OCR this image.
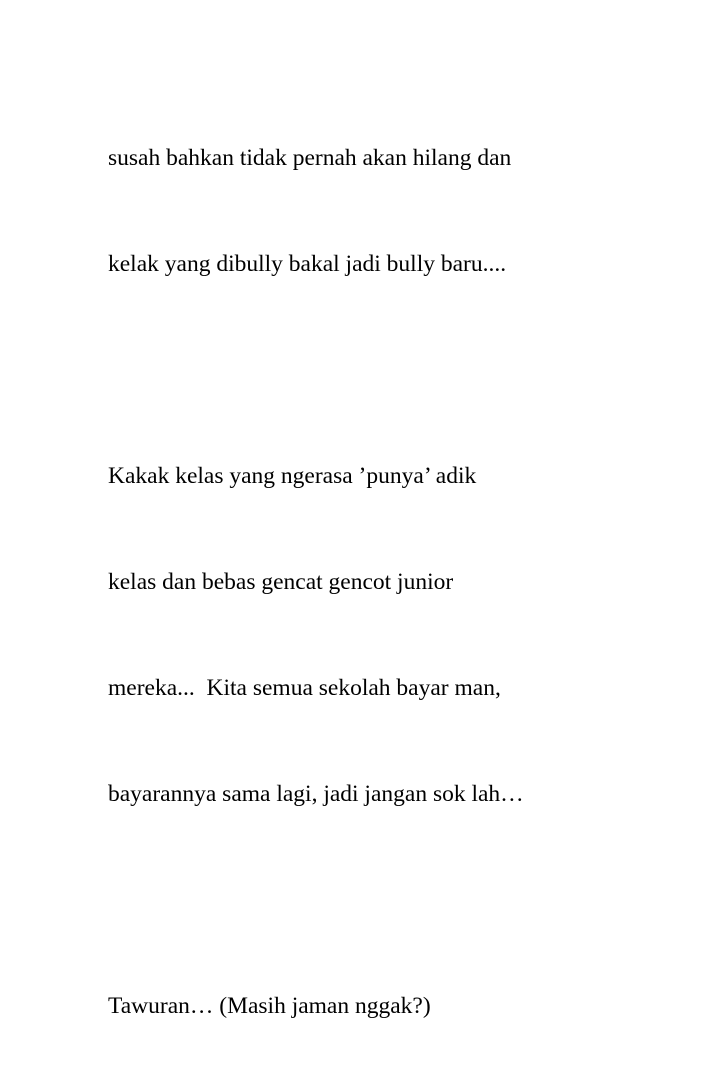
susah bahkan tidak pernah akan hilang dan

kelak yang dibully bakal jadi bully baru....

Kakak kelas yang ngerasa ’punya’ adik

kelas dan bebas gencat gencot junior

mereka...  Kita semua sekolah bayar man,

bayarannya sama lagi, jadi jangan sok lah…

Tawuran… (Masih jaman nggak?)
